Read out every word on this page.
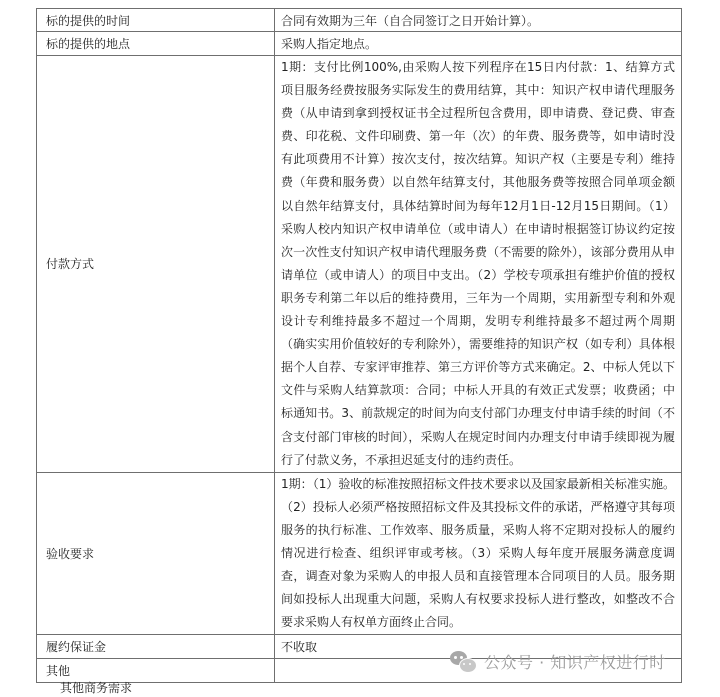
标的提供的时间	合同有效期为三年（自合同签订之日开始计算）。
标的提供的地点	采购人指定地点。
付款方式	1期：支付比例100%,由采购人按下列程序在15日内付款：1、结算方式 项目服务经费按服务实际发生的费用结算，其中：知识产权申请代理服务费（从申请到拿到授权证书全过程所包含费用，即申请费、登记费、审查费、印花税、文件印刷费、第一年（次）的年费、服务费等，如申请时没有此项费用不计算）按次支付，按次结算。知识产权（主要是专利）维持费（年费和服务费）以自然年结算支付，其他服务费等按照合同单项金额以自然年结算支付，具体结算时间为每年12月1日-12月15日期间。（1）采购人校内知识产权申请单位（或申请人）在申请时根据签订协议约定按次一次性支付知识产权申请代理服务费（不需要的除外），该部分费用从申请单位（或申请人）的项目中支出。（2）学校专项承担有维护价值的授权职务专利第二年以后的维持费用，三年为一个周期，实用新型专利和外观设计专利维持最多不超过一个周期，发明专利维持最多不超过两个周期（确实实用价值较好的专利除外），需要维持的知识产权（如专利）具体根据个人自荐、专家评审推荐、第三方评价等方式来确定。2、中标人凭以下文件与采购人结算款项：合同；中标人开具的有效正式发票；收费函；中标通知书。3、前款规定的时间为向支付部门办理支付申请手续的时间（不含支付部门审核的时间），采购人在规定时间内办理支付申请手续即视为履行了付款义务，不承担迟延支付的违约责任。
验收要求	1期：（1）验收的标准按照招标文件技术要求以及国家最新相关标准实施。（2）投标人必须严格按照招标文件及其投标文件的承诺，严格遵守其每项服务的执行标准、工作效率、服务质量，采购人将不定期对投标人的履约情况进行检查、组织评审或考核。（3）采购人每年度开展服务满意度调查，调查对象为采购人的申报人员和直接管理本合同项目的人员。服务期间如投标人出现重大问题，采购人有权要求投标人进行整改，如整改不合要求采购人有权单方面终止合同。
履约保证金	不收取
其他		公众号 · 知识产权进行时
其他商务需求
